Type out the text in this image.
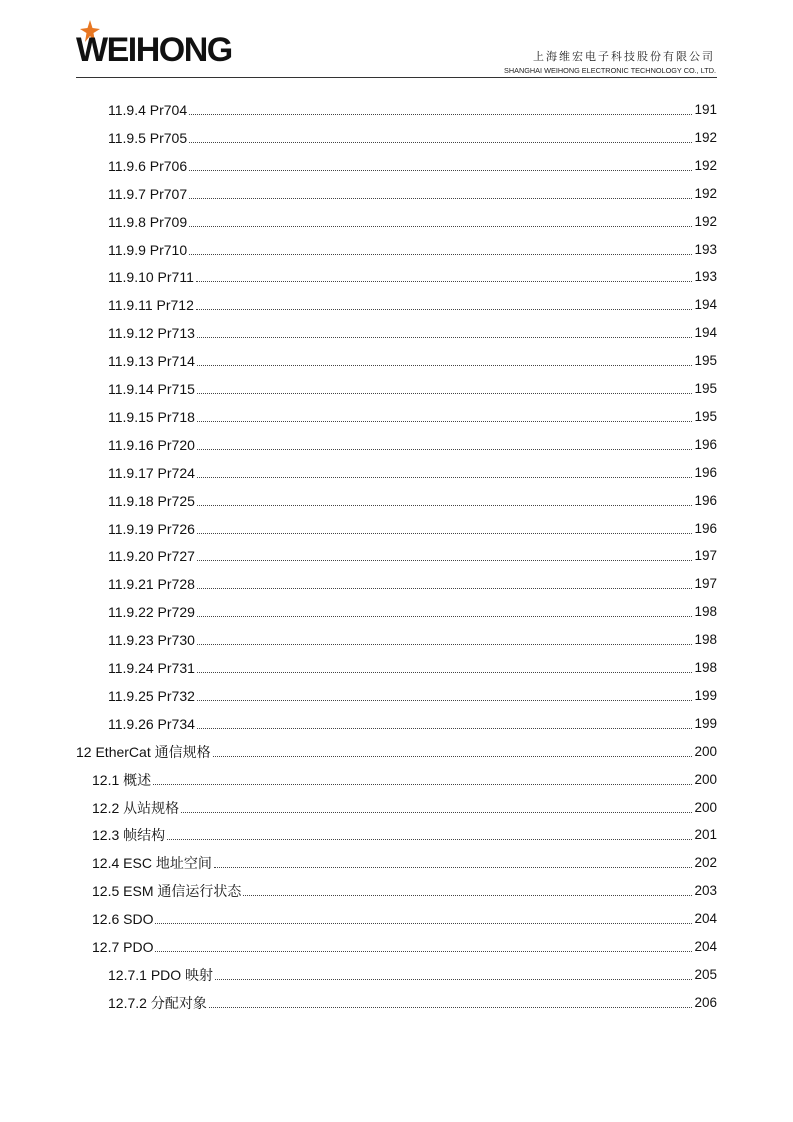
WEIHONG	上海维宏电子科技股份有限公司
SHANGHAI WEIHONG ELECTRONIC TECHNOLOGY CO., LTD.
11.9.4 Pr704	191
11.9.5 Pr705	192
11.9.6 Pr706	192
11.9.7 Pr707	192
11.9.8 Pr709	192
11.9.9 Pr710	193
11.9.10 Pr711	193
11.9.11 Pr712	194
11.9.12 Pr713	194
11.9.13 Pr714	195
11.9.14 Pr715	195
11.9.15 Pr718	195
11.9.16 Pr720	196
11.9.17 Pr724	196
11.9.18 Pr725	196
11.9.19 Pr726	196
11.9.20 Pr727	197
11.9.21 Pr728	197
11.9.22 Pr729	198
11.9.23 Pr730	198
11.9.24 Pr731	198
11.9.25 Pr732	199
11.9.26 Pr734	199
12 EtherCat 通信规格	200
12.1 概述	200
12.2 从站规格	200
12.3 帧结构	201
12.4 ESC 地址空间	202
12.5 ESM 通信运行状态	203
12.6 SDO	204
12.7 PDO	204
12.7.1 PDO 映射	205
12.7.2 分配对象	206
